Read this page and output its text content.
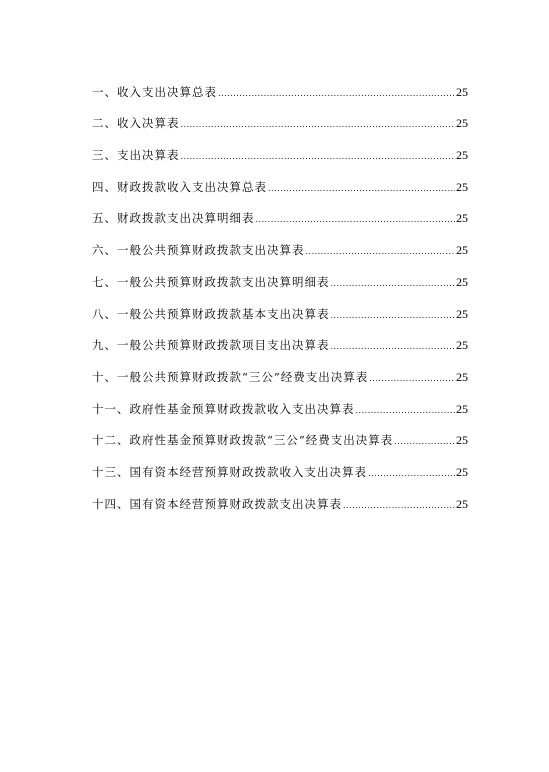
一、收入支出决算总表 .....	25
二、收入决算表 .....	25
三、支出决算表 .....	25
四、财政拨款收入支出决算总表 .....	25
五、财政拨款支出决算明细表 .....	25
六、一般公共预算财政拨款支出决算表 .....	25
七、一般公共预算财政拨款支出决算明细表 .....	25
八、一般公共预算财政拨款基本支出决算表 .....	25
九、一般公共预算财政拨款项目支出决算表 .....	25
十、一般公共预算财政拨款“三公”经费支出决算表 .....	25
十一、政府性基金预算财政拨款收入支出决算表 .....	25
十二、政府性基金预算财政拨款“三公”经费支出决算表 .....	25
十三、国有资本经营预算财政拨款收入支出决算表 .....	25
十四、国有资本经营预算财政拨款支出决算表 .....	25
